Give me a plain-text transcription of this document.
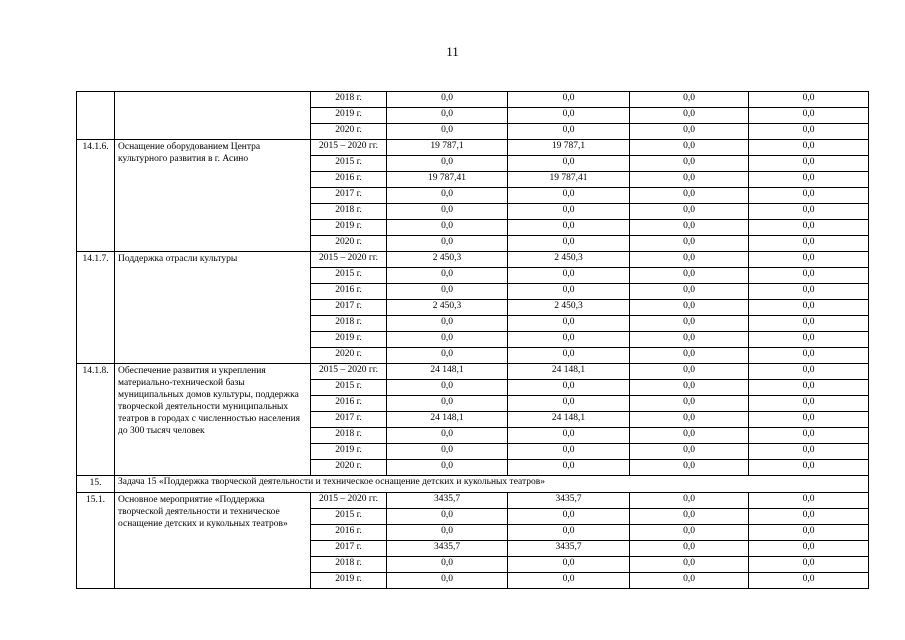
11
		2018 г.	0,0	0,0	0,0	0,0
		2019 г.	0,0	0,0	0,0	0,0
		2020 г.	0,0	0,0	0,0	0,0
14.1.6.	Оснащение оборудованием Центра культурного развития в г. Асино	2015 – 2020 гг.	19 787,1	19 787,1	0,0	0,0
		2015 г.	0,0	0,0	0,0	0,0
		2016 г.	19 787,41	19 787,41	0,0	0,0
		2017 г.	0,0	0,0	0,0	0,0
		2018 г.	0,0	0,0	0,0	0,0
		2019 г.	0,0	0,0	0,0	0,0
		2020 г.	0,0	0,0	0,0	0,0
14.1.7.	Поддержка отрасли культуры	2015 – 2020 гг.	2 450,3	2 450,3	0,0	0,0
		2015 г.	0,0	0,0	0,0	0,0
		2016 г.	0,0	0,0	0,0	0,0
		2017 г.	2 450,3	2 450,3	0,0	0,0
		2018 г.	0,0	0,0	0,0	0,0
		2019 г.	0,0	0,0	0,0	0,0
		2020 г.	0,0	0,0	0,0	0,0
14.1.8.	Обеспечение развития и укрепления материально-технической базы муниципальных домов культуры, поддержка творческой деятельности муниципальных театров в городах с численностью населения до 300 тысяч человек	2015 – 2020 гг.	24 148,1	24 148,1	0,0	0,0
		2015 г.	0,0	0,0	0,0	0,0
		2016 г.	0,0	0,0	0,0	0,0
		2017 г.	24 148,1	24 148,1	0,0	0,0
		2018 г.	0,0	0,0	0,0	0,0
		2019 г.	0,0	0,0	0,0	0,0
		2020 г.	0,0	0,0	0,0	0,0
15.	Задача 15 «Поддержка творческой деятельности и техническое оснащение детских и кукольных театров»					
15.1.	Основное мероприятие «Поддержка творческой деятельности и техническое оснащение детских и кукольных театров»	2015 – 2020 гг.	3435,7	3435,7	0,0	0,0
		2015 г.	0,0	0,0	0,0	0,0
		2016 г.	0,0	0,0	0,0	0,0
		2017 г.	3435,7	3435,7	0,0	0,0
		2018 г.	0,0	0,0	0,0	0,0
		2019 г.	0,0	0,0	0,0	0,0
